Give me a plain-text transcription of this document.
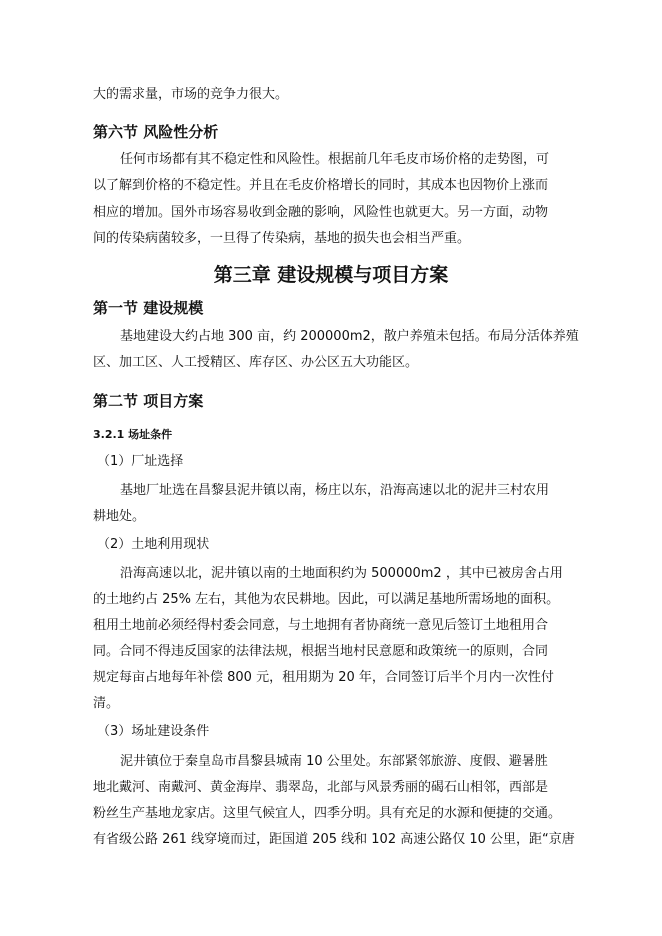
大的需求量，市场的竞争力很大。
第六节 风险性分析
任何市场都有其不稳定性和风险性。根据前几年毛皮市场价格的走势图，可
以了解到价格的不稳定性。并且在毛皮价格增长的同时，其成本也因物价上涨而
相应的增加。国外市场容易收到金融的影响，风险性也就更大。另一方面，动物
间的传染病菌较多，一旦得了传染病，基地的损失也会相当严重。
第三章 建设规模与项目方案
第一节 建设规模
基地建设大约占地 300 亩，约 200000m2，散户养殖未包括。布局分活体养殖
区、加工区、人工授精区、库存区、办公区五大功能区。
第二节 项目方案
3.2.1 场址条件
（1）厂址选择
基地厂址选在昌黎县泥井镇以南，杨庄以东，沿海高速以北的泥井三村农用
耕地处。
（2）土地利用现状
沿海高速以北，泥井镇以南的土地面积约为 500000m2 ，其中已被房舍占用
的土地约占 25% 左右，其他为农民耕地。因此，可以满足基地所需场地的面积。
租用土地前必须经得村委会同意，与土地拥有者协商统一意见后签订土地租用合
同。合同不得违反国家的法律法规，根据当地村民意愿和政策统一的原则，合同
规定每亩占地每年补偿 800 元，租用期为 20 年，合同签订后半个月内一次性付
清。
（3）场址建设条件
泥井镇位于秦皇岛市昌黎县城南 10 公里处。东部紧邻旅游、度假、避暑胜
地北戴河、南戴河、黄金海岸、翡翠岛，北部与风景秀丽的碣石山相邻，西部是
粉丝生产基地龙家店。这里气候宜人，四季分明。具有充足的水源和便捷的交通。
有省级公路 261 线穿境而过，距国道 205 线和 102 高速公路仅 10 公里，距“京唐
